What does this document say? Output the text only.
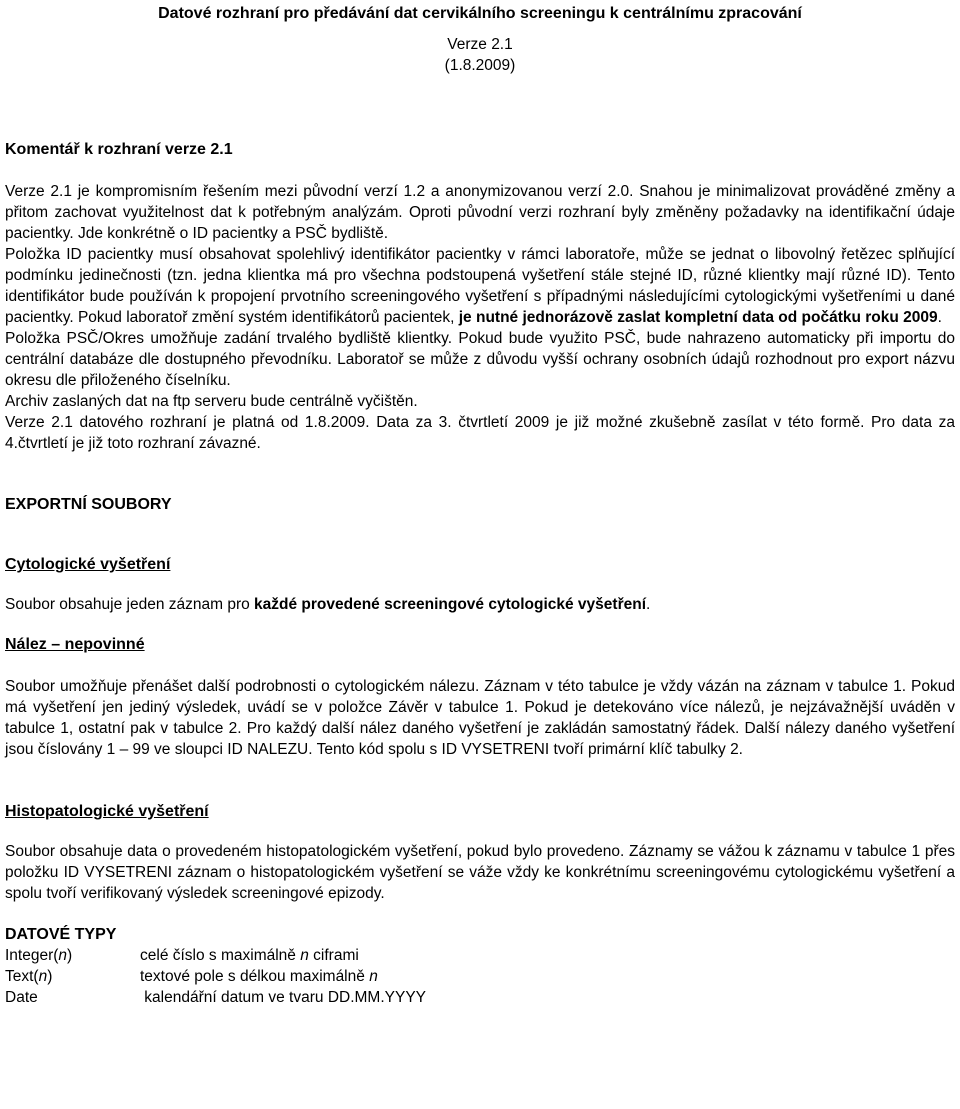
Datové rozhraní pro předávání dat cervikálního screeningu k centrálnímu zpracování
Verze 2.1
(1.8.2009)
Komentář k rozhraní verze 2.1

Verze 2.1 je kompromisním řešením mezi původní verzí 1.2 a anonymizovanou verzí 2.0. Snahou je minimalizovat prováděné změny a přitom zachovat využitelnost dat k potřebným analýzám. Oproti původní verzi rozhraní byly změněny požadavky na identifikační údaje pacientky. Jde konkrétně o ID pacientky a PSČ bydliště.

Položka ID pacientky musí obsahovat spolehlivý identifikátor pacientky v rámci laboratoře, může se jednat o libovolný řetězec splňující podmínku jedinečnosti (tzn. jedna klientka má pro všechna podstoupená vyšetření stále stejné ID, různé klientky mají různé ID). Tento identifikátor bude používán k propojení prvotního screeningového vyšetření s případnými následujícími cytologickými vyšetřeními u dané pacientky. Pokud laboratoř změní systém identifikátorů pacientek, je nutné jednorázově zaslat kompletní data od počátku roku 2009.

Položka PSČ/Okres umožňuje zadání trvalého bydliště klientky. Pokud bude využito PSČ, bude nahrazeno automaticky při importu do centrální databáze dle dostupného převodníku. Laboratoř se může z důvodu vyšší ochrany osobních údajů rozhodnout pro export názvu okresu dle přiloženého číselníku.

Archiv zaslaných dat na ftp serveru bude centrálně vyčištěn.

Verze 2.1 datového rozhraní je platná od 1.8.2009. Data za 3. čtvrtletí 2009 je již možné zkušebně zasílat v této formě. Pro data za 4.čtvrtletí je již toto rozhraní závazné.

EXPORTNÍ SOUBORY
Cytologické vyšetření

Soubor obsahuje jeden záznam pro každé provedené screeningové cytologické vyšetření.

Nález – nepovinné

Soubor umožňuje přenášet další podrobnosti o cytologickém nálezu. Záznam v této tabulce je vždy vázán na záznam v tabulce 1. Pokud má vyšetření jen jediný výsledek, uvádí se v položce Závěr v tabulce 1. Pokud je detekováno více nálezů, je nejzávažnější uváděn v tabulce 1, ostatní pak v tabulce 2. Pro každý další nález daného vyšetření je zakládán samostatný řádek. Další nálezy daného vyšetření jsou číslovány 1 – 99 ve sloupci ID NALEZU. Tento kód spolu s ID VYSETRENI tvoří primární klíč tabulky 2.

Histopatologické vyšetření

Soubor obsahuje data o provedeném histopatologickém vyšetření, pokud bylo provedeno. Záznamy se vážou k záznamu v tabulce 1 přes položku ID VYSETRENI záznam o histopatologickém vyšetření se váže vždy ke konkrétnímu screeningovému cytologickému vyšetření a spolu tvoří verifikovaný výsledek screeningové epizody.

DATOVÉ TYPY
Integer(n)	celé číslo s maximálně n ciframi
Text(n)	textové pole s délkou maximálně n
Date	kalendářní datum ve tvaru DD.MM.YYYY
